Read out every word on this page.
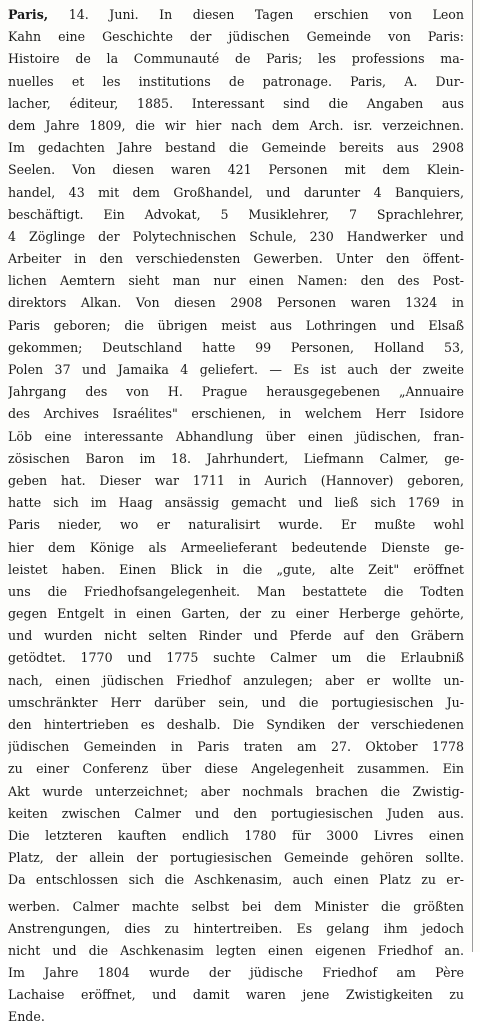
Paris, 14. Juni. In diesen Tagen erschien von Leon
Kahn eine Geschichte der jüdischen Gemeinde von Paris:
Histoire de la Communauté de Paris; les professions ma-
nuelles et les institutions de patronage. Paris, A. Dur-
lacher, éditeur, 1885. Interessant sind die Angaben aus
dem Jahre 1809, die wir hier nach dem Arch. isr. verzeichnen.
Im gedachten Jahre bestand die Gemeinde bereits aus 2908
Seelen. Von diesen waren 421 Personen mit dem Klein-
handel, 43 mit dem Großhandel, und darunter 4 Banquiers,
beschäftigt. Ein Advokat, 5 Musiklehrer, 7 Sprachlehrer,
4 Zöglinge der Polytechnischen Schule, 230 Handwerker und
Arbeiter in den verschiedensten Gewerben. Unter den öffent-
lichen Aemtern sieht man nur einen Namen: den des Post-
direktors Alkan. Von diesen 2908 Personen waren 1324 in
Paris geboren; die übrigen meist aus Lothringen und Elsaß
gekommen; Deutschland hatte 99 Personen, Holland 53,
Polen 37 und Jamaika 4 geliefert. — Es ist auch der zweite
Jahrgang des von H. Prague herausgegebenen „Annuaire
des Archives Israélites" erschienen, in welchem Herr Isidore
Löb eine interessante Abhandlung über einen jüdischen, fran-
zösischen Baron im 18. Jahrhundert, Liefmann Calmer, ge-
geben hat. Dieser war 1711 in Aurich (Hannover) geboren,
hatte sich im Haag ansässig gemacht und ließ sich 1769 in
Paris nieder, wo er naturalisirt wurde. Er mußte wohl
hier dem Könige als Armeelieferant bedeutende Dienste ge-
leistet haben. Einen Blick in die „gute, alte Zeit" eröffnet
uns die Friedhofsangelegenheit. Man bestattete die Todten
gegen Entgelt in einen Garten, der zu einer Herberge gehörte,
und wurden nicht selten Rinder und Pferde auf den Gräbern
getödtet. 1770 und 1775 suchte Calmer um die Erlaubniß
nach, einen jüdischen Friedhof anzulegen; aber er wollte un-
umschränkter Herr darüber sein, und die portugiesischen Ju-
den hintertrieben es deshalb. Die Syndiken der verschiedenen
jüdischen Gemeinden in Paris traten am 27. Oktober 1778
zu einer Conferenz über diese Angelegenheit zusammen. Ein
Akt wurde unterzeichnet; aber nochmals brachen die Zwistig-
keiten zwischen Calmer und den portugiesischen Juden aus.
Die letzteren kauften endlich 1780 für 3000 Livres einen
Platz, der allein der portugiesischen Gemeinde gehören sollte.
Da entschlossen sich die Aschkenasim, auch einen Platz zu er-
werben. Calmer machte selbst bei dem Minister die größten
Anstrengungen, dies zu hintertreiben. Es gelang ihm jedoch
nicht und die Aschkenasim legten einen eigenen Friedhof an.
Im Jahre 1804 wurde der jüdische Friedhof am Père
Lachaise eröffnet, und damit waren jene Zwistigkeiten zu
Ende.
